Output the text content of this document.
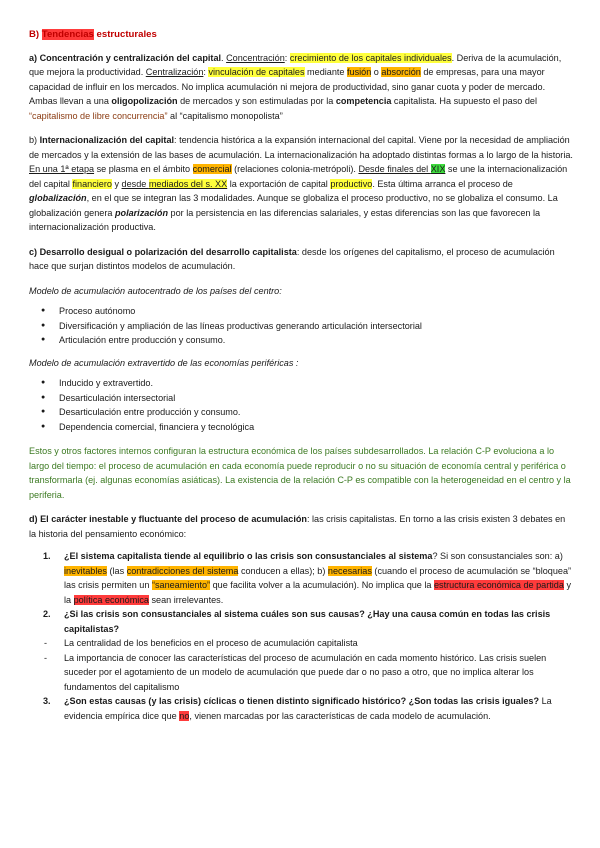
B) Tendencias estructurales

a) Concentración y centralización del capital. Concentración: crecimiento de los capitales individuales. Deriva de la acumulación, que mejora la productividad. Centralización: vinculación de capitales mediante fusión o absorción de empresas, para una mayor capacidad de influir en los mercados. No implica acumulación ni mejora de productividad, sino ganar cuota y poder de mercado. Ambas llevan a una oligopolización de mercados y son estimuladas por la competencia capitalista. Ha supuesto el paso del “capitalismo de libre concurrencia” al “capitalismo monopolista”

b) Internacionalización del capital: tendencia histórica a la expansión internacional del capital. Viene por la necesidad de ampliación de mercados y la extensión de las bases de acumulación. La internacionalización ha adoptado distintas formas a lo largo de la historia. En una 1ª etapa se plasma en el ámbito comercial (relaciones colonia-metrópoli). Desde finales del XIX se une la internacionalización del capital financiero y desde mediados del s. XX la exportación de capital productivo. Esta última arranca el proceso de globalización, en el que se integran las 3 modalidades. Aunque se globaliza el proceso productivo, no se globaliza el consumo. La globalización genera polarización por la persistencia en las diferencias salariales, y estas diferencias son las que favorecen la internacionalización productiva.

c) Desarrollo desigual o polarización del desarrollo capitalista: desde los orígenes del capitalismo, el proceso de acumulación hace que surjan distintos modelos de acumulación.

Modelo de acumulación autocentrado de los países del centro:

● Proceso autónomo
● Diversificación y ampliación de las líneas productivas generando articulación intersectorial
● Articulación entre producción y consumo.

Modelo de acumulación extravertido de las economías periféricas :

● Inducido y extravertido.
● Desarticulación intersectorial
● Desarticulación entre producción y consumo.
● Dependencia comercial, financiera y tecnológica

Estos y otros factores internos configuran la estructura económica de los países subdesarrollados. La relación C-P evoluciona a lo largo del tiempo: el proceso de acumulación en cada economía puede reproducir o no su situación de economía central y periférica o transformarla (ej. algunas economías asiáticas). La existencia de la relación C-P es compatible con la heterogeneidad en el centro y la periferia.

d) El carácter inestable y fluctuante del proceso de acumulación: las crisis capitalistas. En torno a las crisis existen 3 debates en la historia del pensamiento económico:

1. ¿El sistema capitalista tiende al equilibrio o las crisis son consustanciales al sistema? Si son consustanciales son: a) inevitables (las contradicciones del sistema conducen a ellas); b) necesarias (cuando el proceso de acumulación se “bloquea” las crisis permiten un “saneamiento” que facilita volver a la acumulación). No implica que la estructura económica de partida y la política económica sean irrelevantes.
2. ¿Si las crisis son consustanciales al sistema cuáles son sus causas? ¿Hay una causa común en todas las crisis capitalistas?
- La centralidad de los beneficios en el proceso de acumulación capitalista
- La importancia de conocer las características del proceso de acumulación en cada momento histórico. Las crisis suelen suceder por el agotamiento de un modelo de acumulación que puede dar o no paso a otro, que no implica alterar los fundamentos del capitalismo
3. ¿Son estas causas (y las crisis) cíclicas o tienen distinto significado histórico? ¿Son todas las crisis iguales? La evidencia empírica dice que no, vienen marcadas por las características de cada modelo de acumulación.
